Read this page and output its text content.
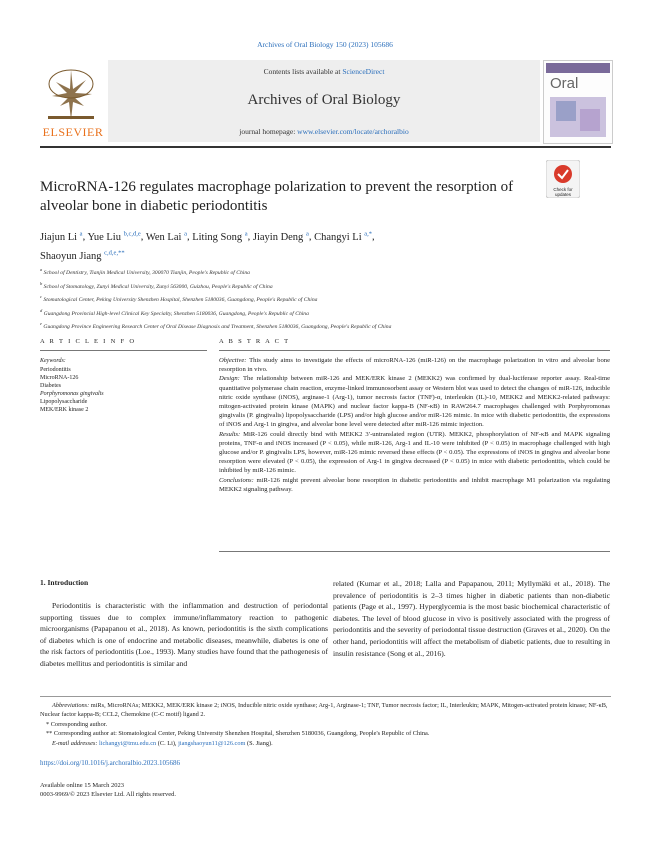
Archives of Oral Biology 150 (2023) 105686
ELSEVIER
Contents lists available at ScienceDirect
Archives of Oral Biology
journal homepage: www.elsevier.com/locate/archoralbio
Oral
MicroRNA-126 regulates macrophage polarization to prevent the resorption of alveolar bone in diabetic periodontitis
Check for updates
Jiajun Li $^a$, Yue Liu $^{b,c,d,e}$, Wen Lai $^a$, Liting Song $^a$, Jiayin Deng $^a$, Changyi Li $^{a,*}$,
Shaoyun Jiang $^{c,d,e,**}$
$^a$ School of Dentistry, Tianjin Medical University, 300070 Tianjin, People's Republic of China
$^b$ School of Stomatology, Zunyi Medical University, Zunyi 563000, Guizhou, People's Republic of China
$^c$ Stomatological Center, Peking University Shenzhen Hospital, Shenzhen 5180036, Guangdong, People's Republic of China
$^d$ Guangdong Provincial High-level Clinical Key Specialty, Shenzhen 5180036, Guangdong, People's Republic of China
$^e$ Guangdong Province Engineering Research Center of Oral Disease Diagnosis and Treatment, Shenzhen 5180036, Guangdong, People's Republic of China
A R T I C L E I N F O
Keywords:
Periodontitis
MicroRNA-126
Diabetes
Porphyromonas gingivalis
Lipopolysaccharide
MEK/ERK kinase 2
A B S T R A C T

Objective: This study aims to investigate the effects of microRNA-126 (miR-126) on the macrophage polarization in vitro and alveolar bone resorption in vivo.

Design: The relationship between miR-126 and MEK/ERK kinase 2 (MEKK2) was confirmed by dual-luciferase reporter assay. Real-time quantitative polymerase chain reaction, enzyme-linked immunosorbent assay or Western blot was used to detect the changes of miR-126, inducible nitric oxide synthase (iNOS), arginase-1 (Arg-1), tumor necrosis factor (TNF)-α, interleukin (IL)-10, MEKK2 and MEKK2-related pathways: mitogen-activated protein kinase (MAPK) and nuclear factor kappa-B (NF-κB) in RAW264.7 macrophages challenged with Porphyromonas gingivalis (P. gingivalis) lipopolysaccharide (LPS) and/or high glucose and/or miR-126 mimic. In mice with diabetic periodontitis, the expressions of iNOS and Arg-1 in gingiva, and alveolar bone level were detected after miR-126 mimic injection.

Results: MiR-126 could directly bind with MEKK2 3′-untranslated region (UTR). MEKK2, phosphorylation of NF-κB and MAPK signaling proteins, TNF-α and iNOS increased (P < 0.05), while miR-126, Arg-1 and IL-10 were inhibited (P < 0.05) in macrophage challenged with high glucose and/or P. gingivalis LPS, however, miR-126 mimic reversed these effects (P < 0.05). The expressions of iNOS in gingiva and alveolar bone resorption were elevated (P < 0.05), the expression of Arg-1 in gingiva decreased (P < 0.05) in mice with diabetic periodontitis, which could be inhibited by miR-126 mimic.

Conclusions: miR-126 might prevent alveolar bone resorption in diabetic periodontitis and inhibit macrophage M1 polarization via regulating MEKK2 signaling pathway.

1. Introduction

Periodontitis is characteristic with the inflammation and destruction of periodontal supporting tissues due to complex immune/inflammatory reaction to pathogenic microorganisms (Papapanou et al., 2018). As known, periodontitis is the sixth complications of diabetes which is one of endocrine and metabolic diseases, meanwhile, diabetes is one of the risk factors of periodontitis (Loe., 1993). Many studies have found that the pathogenesis of diabetes mellitus and periodontitis is similar and

related (Kumar et al., 2018; Lalla and Papapanou, 2011; Myllymäki et al., 2018). The prevalence of periodontitis is 2–3 times higher in diabetic patients than non-diabetic patients (Page et al., 1997). Hyperglycemia is the most basic biochemical characteristic of diabetes. The level of blood glucose in vivo is positively associated with the progress of periodontitis and the severity of periodontal tissue destruction (Graves et al., 2020). On the other hand, periodontitis will affect the metabolism of diabetic patients, due to resulting in insulin resistance (Song et al., 2016).

Abbreviations: miRs, MicroRNAs; MEKK2, MEK/ERK kinase 2; iNOS, Inducible nitric oxide synthase; Arg-1, Arginase-1; TNF, Tumor necrosis factor; IL, Interleukin; MAPK, Mitogen-activated protein kinase; NF-κB, Nuclear factor kappa-B; CCL2, Chemokine (C-C motif) ligand 2.

* Corresponding author.

** Corresponding author at: Stomatological Center, Peking University Shenzhen Hospital, Shenzhen 5180036, Guangdong, People's Republic of China.

E-mail addresses: lichangyi@tmu.edu.cn (C. Li), jiangshaoyun11@126.com (S. Jiang).

https://doi.org/10.1016/j.archoralbio.2023.105686
Available online 15 March 2023
0003-9969/© 2023 Elsevier Ltd. All rights reserved.
